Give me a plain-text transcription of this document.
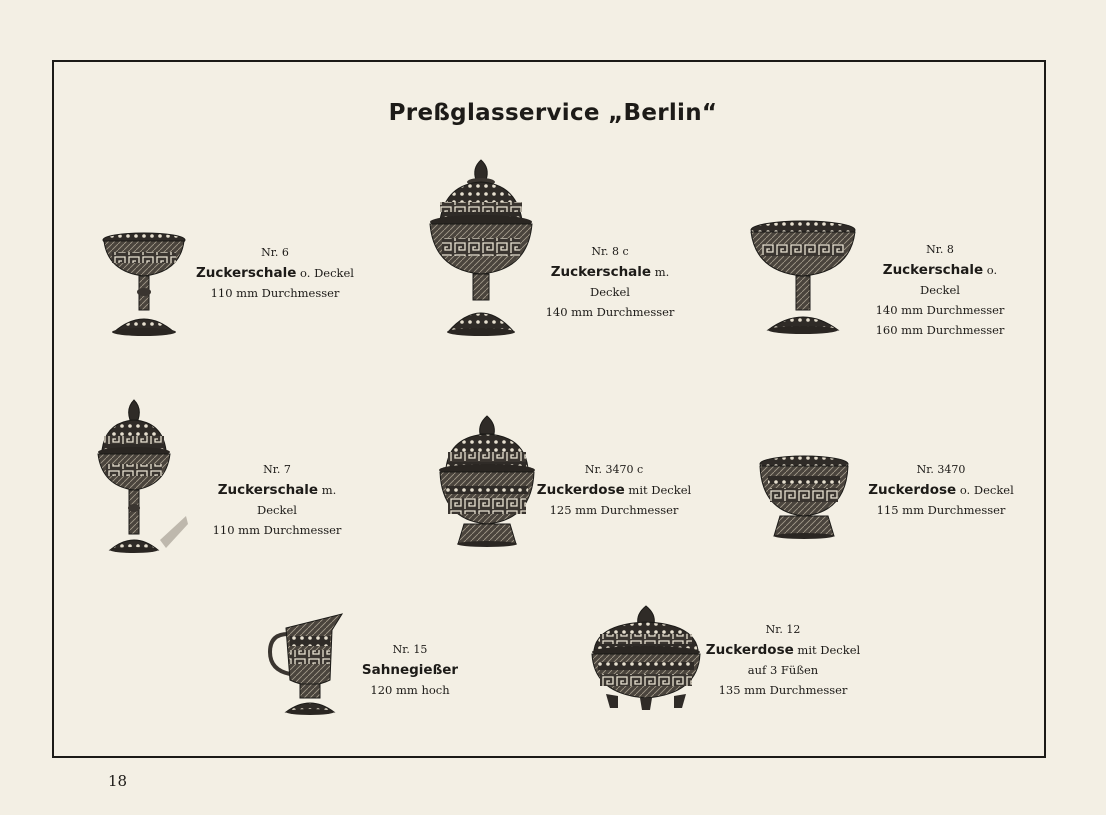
Preßglasservice „Berlin“
Nr. 6
Zuckerschale o. Deckel
110 mm Durchmesser
Nr. 8 c
Zuckerschale m. Deckel
140 mm Durchmesser
Nr. 8
Zuckerschale o. Deckel
140 mm Durchmesser
160 mm Durchmesser
Nr. 7
Zuckerschale m. Deckel
110 mm Durchmesser
Nr. 3470 c
Zuckerdose mit Deckel
125 mm Durchmesser
Nr. 3470
Zuckerdose o. Deckel
115 mm Durchmesser
Nr. 15
Sahnegießer
120 mm hoch
Nr. 12
Zuckerdose mit Deckel
auf 3 Füßen
135 mm Durchmesser
18
